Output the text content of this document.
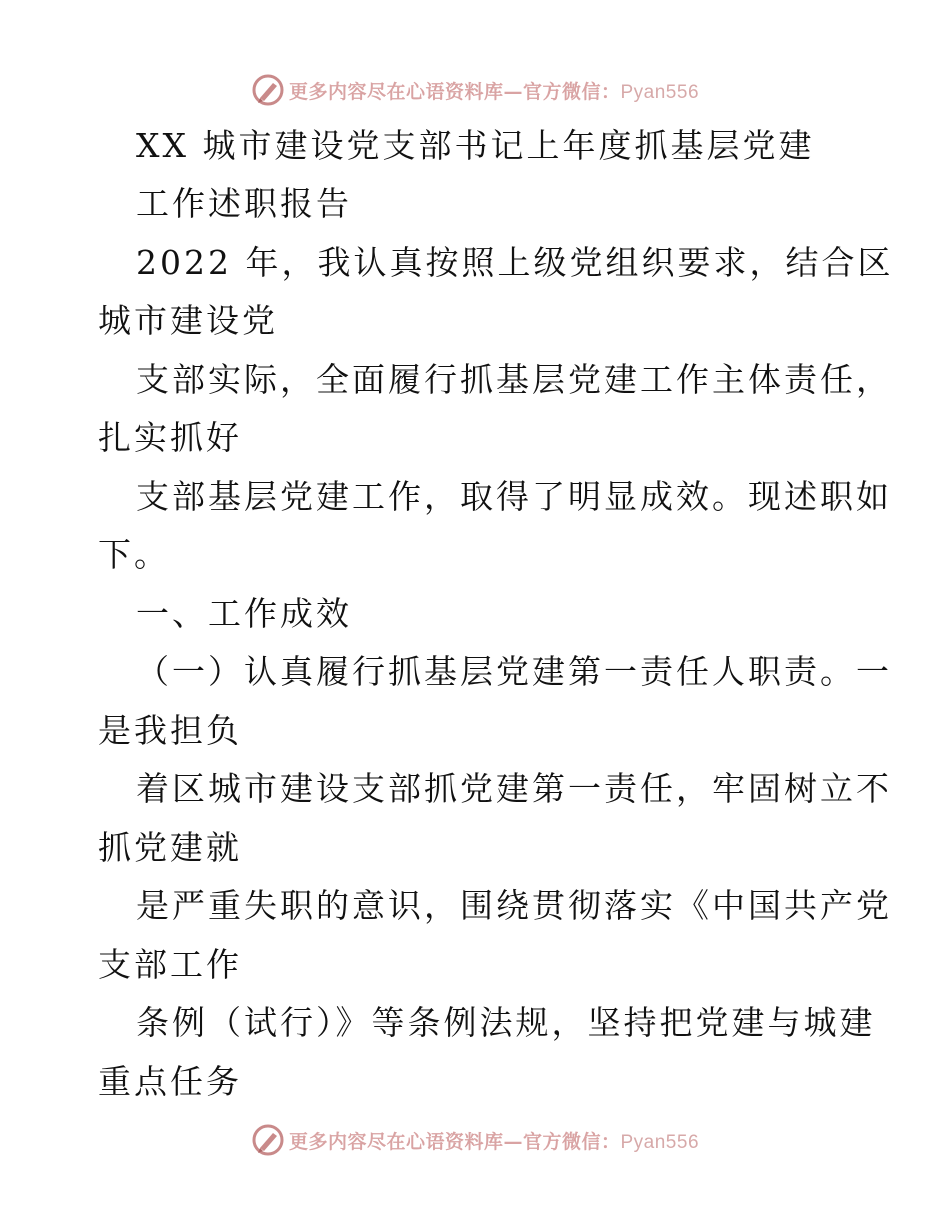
更多内容尽在心语资料库—官方微信：Pyan556
XX 城市建设党支部书记上年度抓基层党建
工作述职报告
2022 年，我认真按照上级党组织要求，结合区
城市建设党
支部实际，全面履行抓基层党建工作主体责任，
扎实抓好
支部基层党建工作，取得了明显成效。现述职如
下。
一、工作成效
（一）认真履行抓基层党建第一责任人职责。一
是我担负
着区城市建设支部抓党建第一责任，牢固树立不
抓党建就
是严重失职的意识，围绕贯彻落实《中国共产党
支部工作
条例（试行）》等条例法规，坚持把党建与城建
重点任务
更多内容尽在心语资料库—官方微信：Pyan556
